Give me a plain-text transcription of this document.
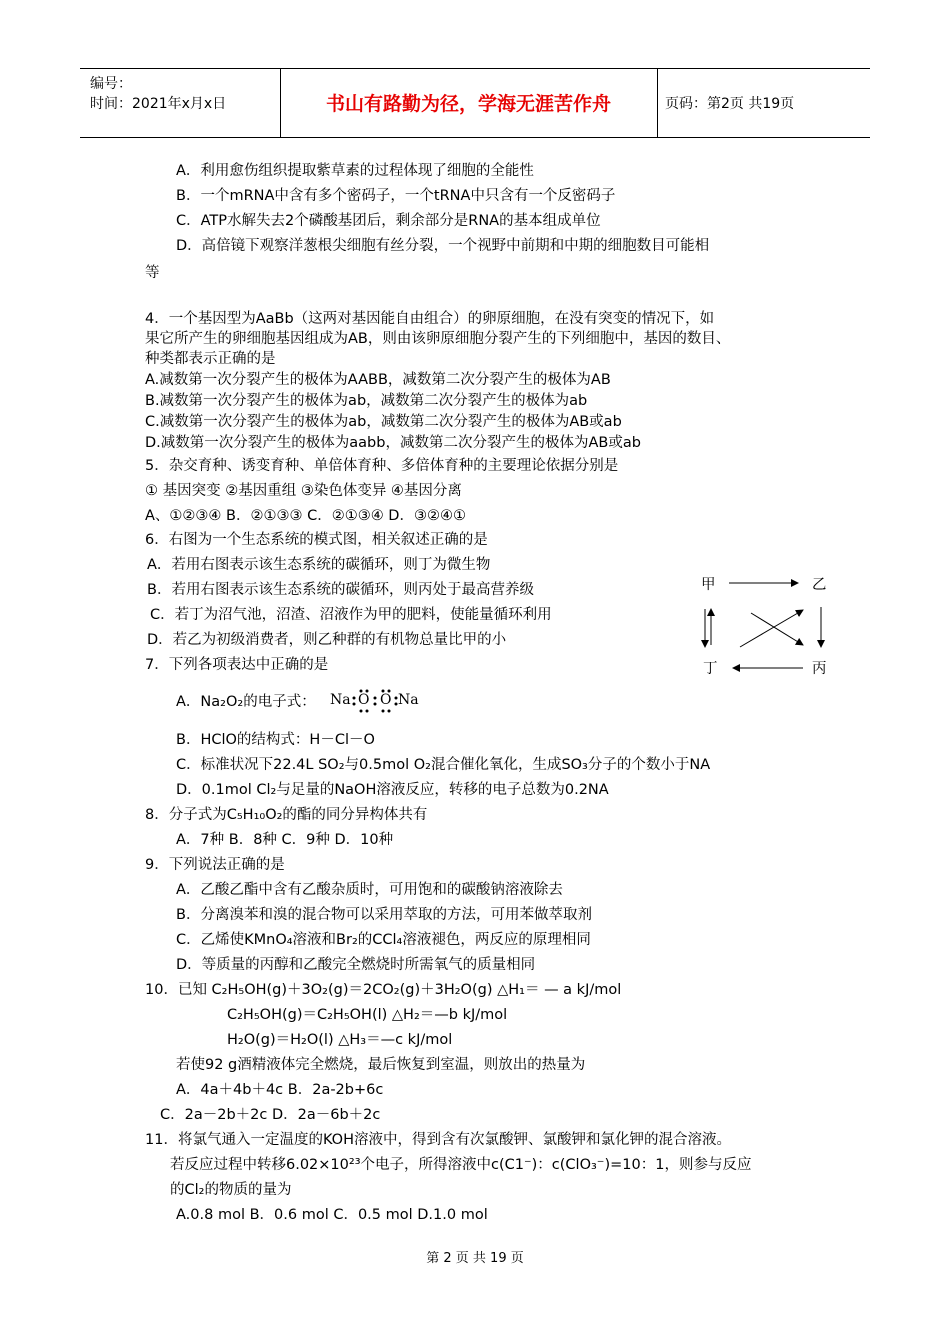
编号：
时间：2021年x月x日	书山有路勤为径，学海无涯苦作舟	页码：第2页 共19页
A．利用愈伤组织提取紫草素的过程体现了细胞的全能性
B．一个mRNA中含有多个密码子，一个tRNA中只含有一个反密码子
C．ATP水解失去2个磷酸基团后，剩余部分是RNA的基本组成单位
D．高倍镜下观察洋葱根尖细胞有丝分裂，一个视野中前期和中期的细胞数目可能相
等
4．一个基因型为AaBb（这两对基因能自由组合）的卵原细胞，在没有突变的情况下，如
果它所产生的卵细胞基因组成为AB，则由该卵原细胞分裂产生的下列细胞中，基因的数目、
种类都表示正确的是
A.减数第一次分裂产生的极体为AABB，减数第二次分裂产生的极体为AB
B.减数第一次分裂产生的极体为ab，减数第二次分裂产生的极体为ab
C.减数第一次分裂产生的极体为ab，减数第二次分裂产生的极体为AB或ab
D.减数第一次分裂产生的极体为aabb，减数第二次分裂产生的极体为AB或ab
5．杂交育种、诱变育种、单倍体育种、多倍体育种的主要理论依据分别是
① 基因突变 ②基因重组 ③染色体变异 ④基因分离
A、①②③④ B．②①③③ C．②①③④ D．③②④①
6．右图为一个生态系统的模式图，相关叙述正确的是
A．若用右图表示该生态系统的碳循环，则丁为微生物
B．若用右图表示该生态系统的碳循环，则丙处于最高营养级
C．若丁为沼气池，沼渣、沼液作为甲的肥料，使能量循环利用
D．若乙为初级消费者，则乙种群的有机物总量比甲的小
7．下列各项表达中正确的是
甲	乙
丁	丙
A．Na₂O₂的电子式： Na O O Na
B．HClO的结构式：H－Cl－O
C．标准状况下22.4L SO₂与0.5mol O₂混合催化氧化，生成SO₃分子的个数小于NA
D．0.1mol Cl₂与足量的NaOH溶液反应，转移的电子总数为0.2NA
8．分子式为C₅H₁₀O₂的酯的同分异构体共有
A．7种 B．8种 C．9种 D．10种
9．下列说法正确的是
A．乙酸乙酯中含有乙酸杂质时，可用饱和的碳酸钠溶液除去
B．分离溴苯和溴的混合物可以采用萃取的方法，可用苯做萃取剂
C．乙烯使KMnO₄溶液和Br₂的CCl₄溶液褪色，两反应的原理相同
D．等质量的丙醇和乙酸完全燃烧时所需氧气的质量相同
10．已知 C₂H₅OH(g)＋3O₂(g)＝2CO₂(g)＋3H₂O(g) △H₁＝ — a kJ/mol
C₂H₅OH(g)＝C₂H₅OH(l) △H₂＝—b kJ/mol
H₂O(g)＝H₂O(l) △H₃＝—c kJ/mol
若使92 g酒精液体完全燃烧，最后恢复到室温，则放出的热量为
A．4a＋4b＋4c B．2a-2b+6c
C．2a－2b＋2c D．2a－6b＋2c
11．将氯气通入一定温度的KOH溶液中，得到含有次氯酸钾、氯酸钾和氯化钾的混合溶液。
若反应过程中转移6.02×10²³个电子，所得溶液中c(C1⁻)：c(ClO₃⁻)=10：1，则参与反应
的Cl₂的物质的量为
A.0.8 mol B．0.6 mol C．0.5 mol D.1.0 mol
第 2 页 共 19 页
